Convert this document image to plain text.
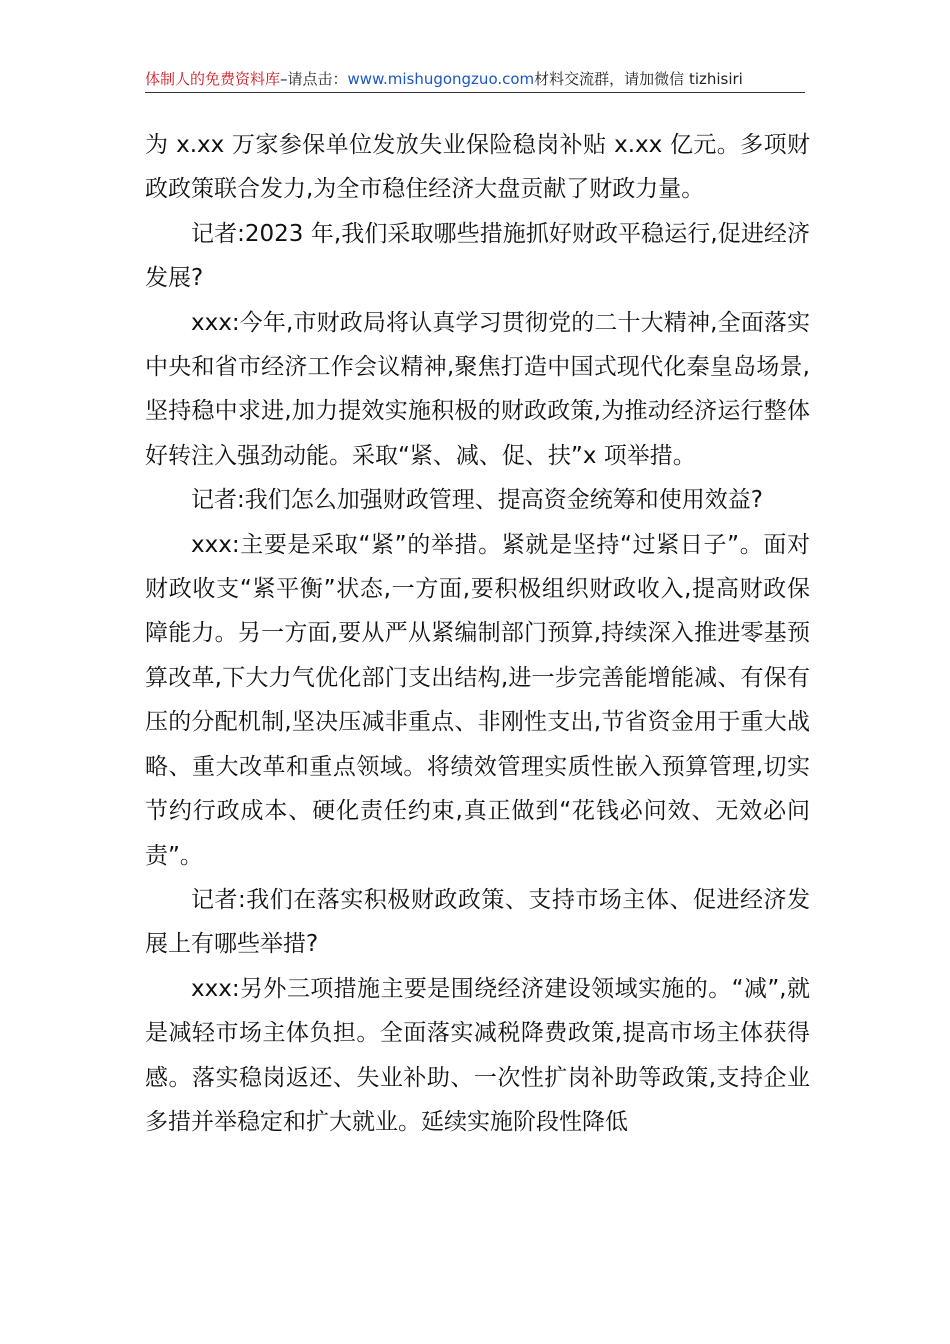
体制人的免费资料库–请点击：www.mishugongzuo.com材料交流群，请加微信 tizhisiri

为 x.xx 万家参保单位发放失业保险稳岗补贴 x.xx 亿元。多项财政政策联合发力,为全市稳住经济大盘贡献了财政力量。

记者:2023 年,我们采取哪些措施抓好财政平稳运行,促进经济发展?

xxx:今年,市财政局将认真学习贯彻党的二十大精神,全面落实中央和省市经济工作会议精神,聚焦打造中国式现代化秦皇岛场景,坚持稳中求进,加力提效实施积极的财政政策,为推动经济运行整体好转注入强劲动能。采取“紧、减、促、扶”x 项举措。

记者:我们怎么加强财政管理、提高资金统筹和使用效益?

xxx:主要是采取“紧”的举措。紧就是坚持“过紧日子”。面对财政收支“紧平衡”状态,一方面,要积极组织财政收入,提高财政保障能力。另一方面,要从严从紧编制部门预算,持续深入推进零基预算改革,下大力气优化部门支出结构,进一步完善能增能减、有保有压的分配机制,坚决压减非重点、非刚性支出,节省资金用于重大战略、重大改革和重点领域。将绩效管理实质性嵌入预算管理,切实节约行政成本、硬化责任约束,真正做到“花钱必问效、无效必问责”。

记者:我们在落实积极财政政策、支持市场主体、促进经济发展上有哪些举措?

xxx:另外三项措施主要是围绕经济建设领域实施的。“减”,就是减轻市场主体负担。全面落实减税降费政策,提高市场主体获得感。落实稳岗返还、失业补助、一次性扩岗补助等政策,支持企业多措并举稳定和扩大就业。延续实施阶段性降低
